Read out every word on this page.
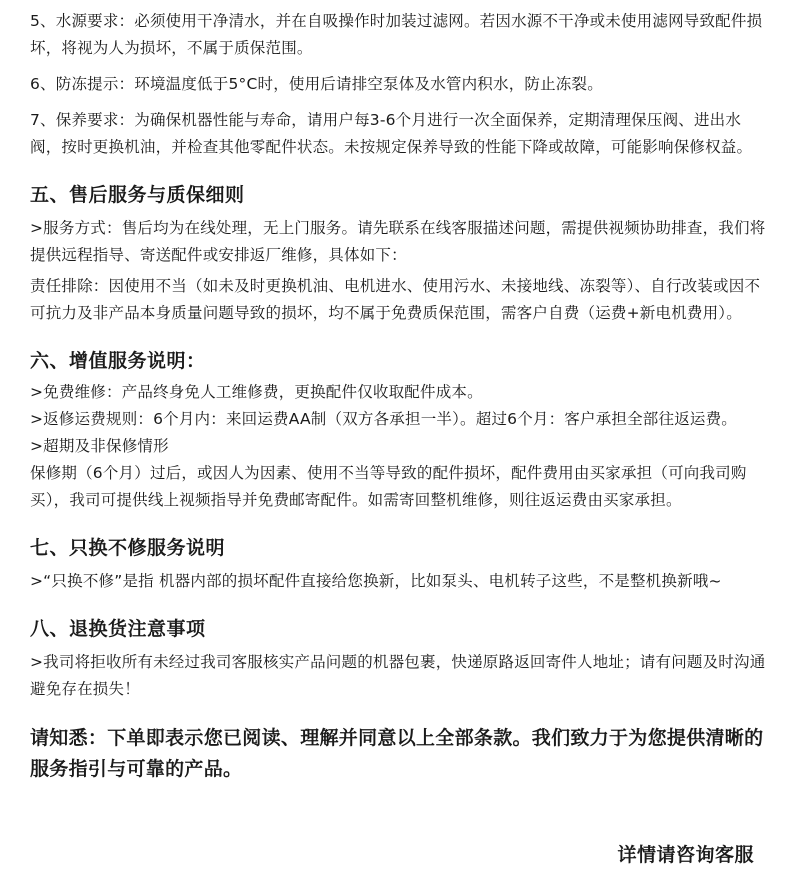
5、水源要求：必须使用干净清水，并在自吸操作时加装过滤网。若因水源不干净或未使用滤网导致配件损坏，将视为人为损坏，不属于质保范围。

6、防冻提示：环境温度低于5°C时，使用后请排空泵体及水管内积水，防止冻裂。

7、保养要求：为确保机器性能与寿命，请用户每3-6个月进行一次全面保养，定期清理保压阀、进出水阀，按时更换机油，并检查其他零配件状态。未按规定保养导致的性能下降或故障，可能影响保修权益。

五、售后服务与质保细则

>服务方式：售后均为在线处理，无上门服务。请先联系在线客服描述问题，需提供视频协助排查，我们将提供远程指导、寄送配件或安排返厂维修，具体如下：

责任排除：因使用不当（如未及时更换机油、电机进水、使用污水、未接地线、冻裂等）、自行改装或因不可抗力及非产品本身质量问题导致的损坏，均不属于免费质保范围，需客户自费（运费+新电机费用）。

六、增值服务说明：

>免费维修：产品终身免人工维修费，更换配件仅收取配件成本。

>返修运费规则：6个月内：来回运费AA制（双方各承担一半）。超过6个月：客户承担全部往返运费。

>超期及非保修情形

保修期（6个月）过后，或因人为因素、使用不当等导致的配件损坏，配件费用由买家承担（可向我司购买），我司可提供线上视频指导并免费邮寄配件。如需寄回整机维修，则往返运费由买家承担。

七、只换不修服务说明

>“只换不修”是指 机器内部的损坏配件直接给您换新，比如泵头、电机转子这些，不是整机换新哦~

八、退换货注意事项

>我司将拒收所有未经过我司客服核实产品问题的机器包裹，快递原路返回寄件人地址；请有问题及时沟通避免存在损失！

请知悉：下单即表示您已阅读、理解并同意以上全部条款。我们致力于为您提供清晰的服务指引与可靠的产品。

详情请咨询客服
